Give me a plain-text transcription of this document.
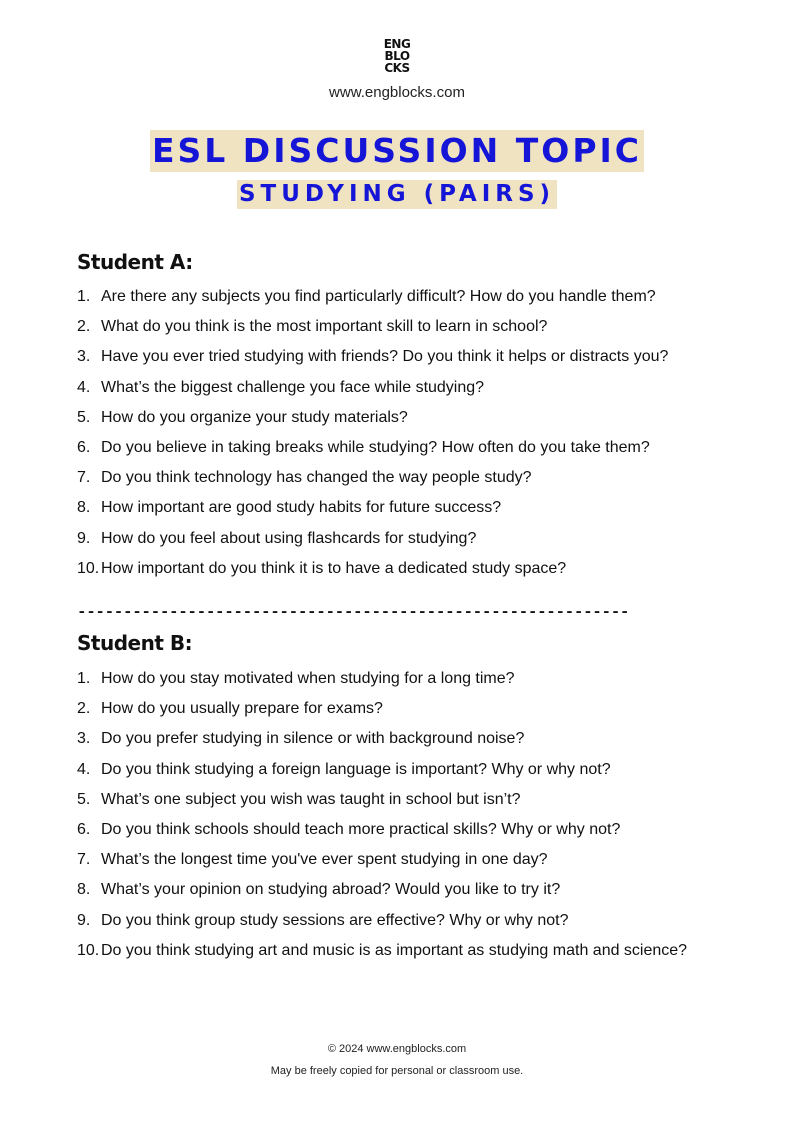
ENG
BLO
CKS
www.engblocks.com
ESL DISCUSSION TOPIC
STUDYING (PAIRS)
Student A:
1. Are there any subjects you find particularly difficult? How do you handle them?
2. What do you think is the most important skill to learn in school?
3. Have you ever tried studying with friends? Do you think it helps or distracts you?
4. What’s the biggest challenge you face while studying?
5. How do you organize your study materials?
6. Do you believe in taking breaks while studying? How often do you take them?
7. Do you think technology has changed the way people study?
8. How important are good study habits for future success?
9. How do you feel about using flashcards for studying?
10. How important do you think it is to have a dedicated study space?
------------------------------------------------------------
Student B:
1. How do you stay motivated when studying for a long time?
2. How do you usually prepare for exams?
3. Do you prefer studying in silence or with background noise?
4. Do you think studying a foreign language is important? Why or why not?
5. What’s one subject you wish was taught in school but isn’t?
6. Do you think schools should teach more practical skills? Why or why not?
7. What’s the longest time you've ever spent studying in one day?
8. What’s your opinion on studying abroad? Would you like to try it?
9. Do you think group study sessions are effective? Why or why not?
10. Do you think studying art and music is as important as studying math and science?
© 2024 www.engblocks.com
May be freely copied for personal or classroom use.
